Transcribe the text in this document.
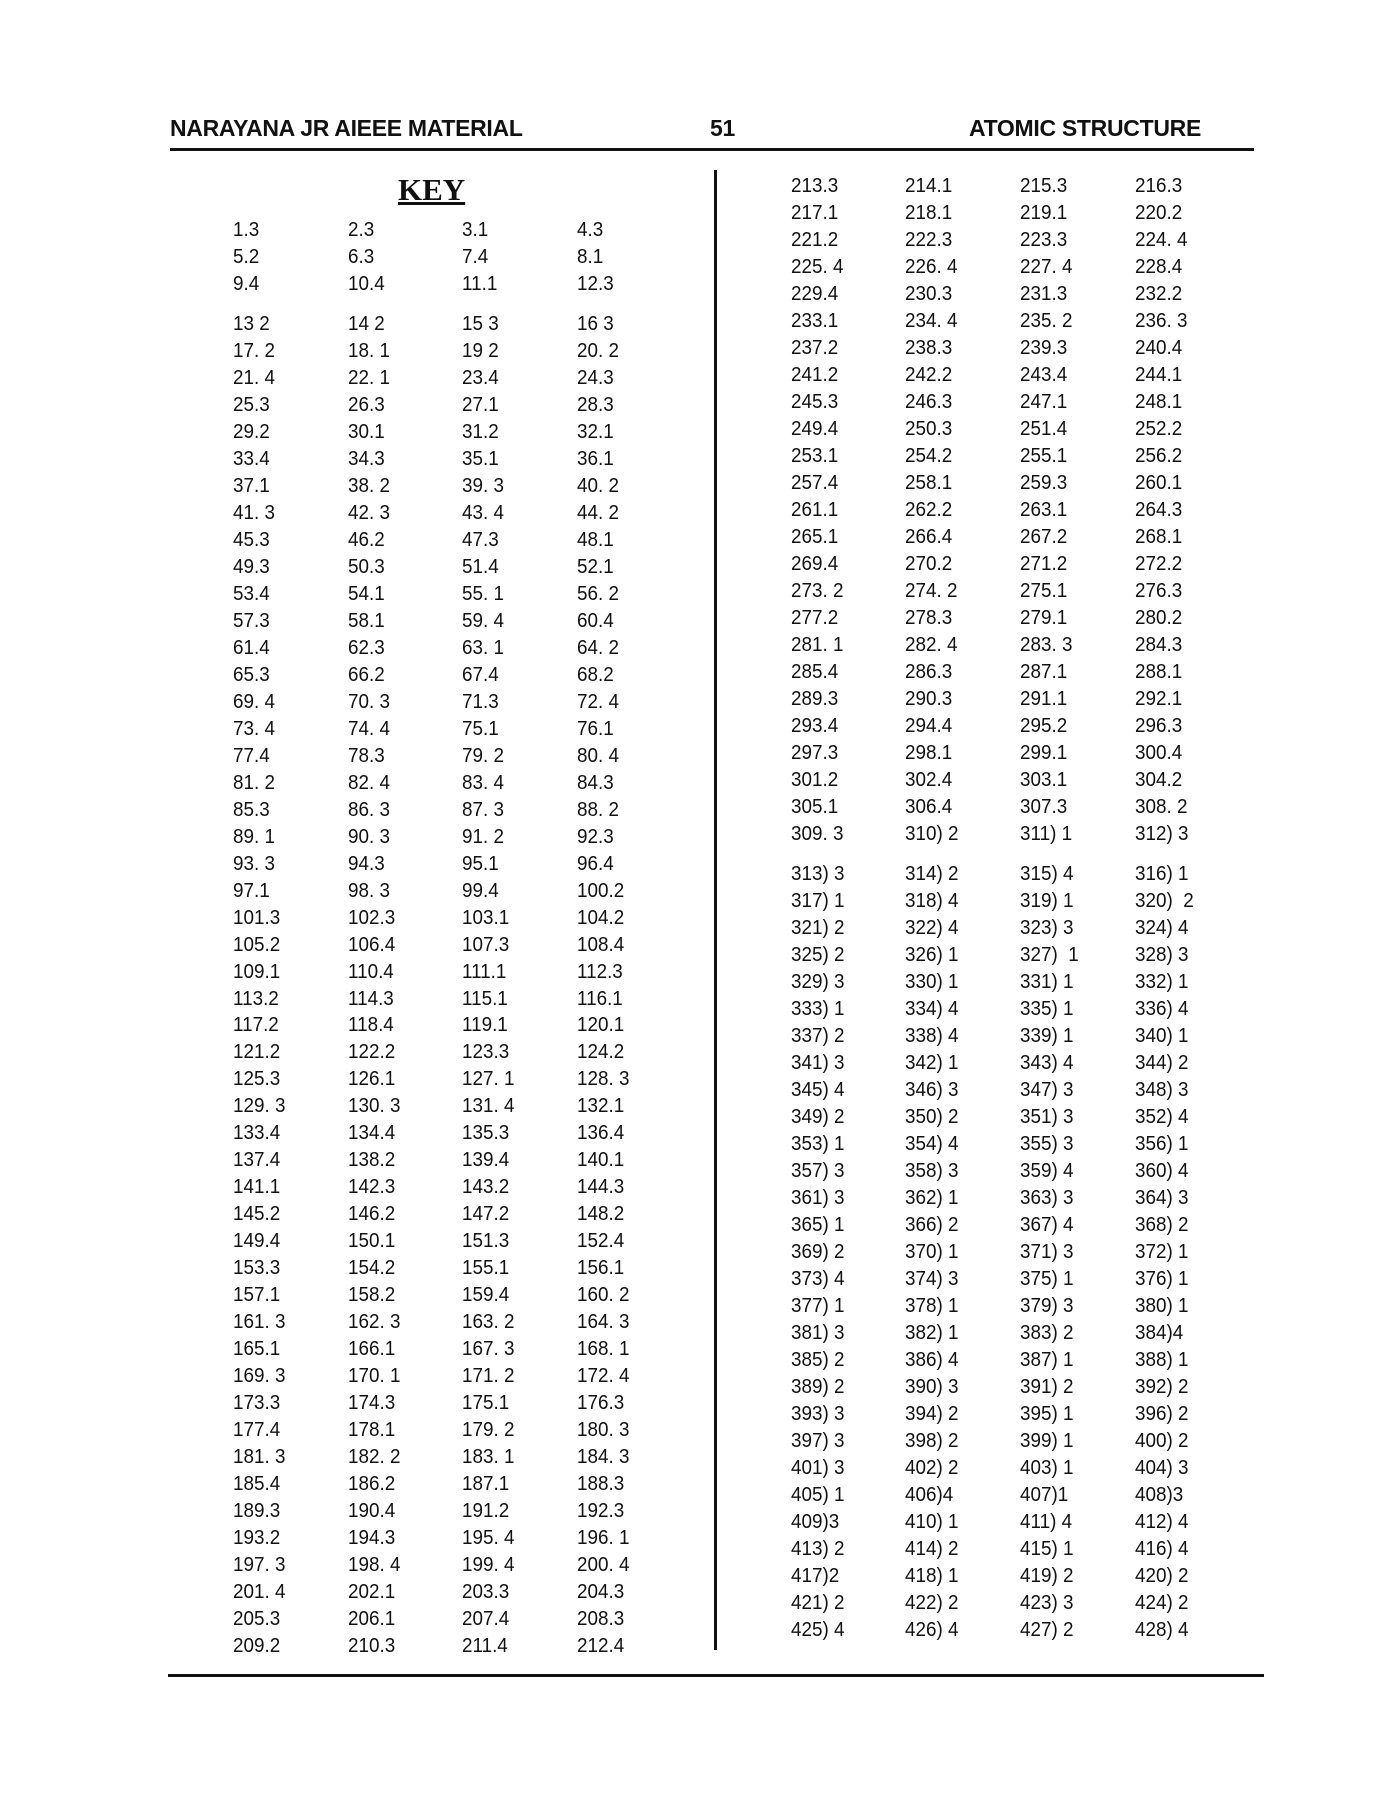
NARAYANA JR AIEEE MATERIAL	51	ATOMIC STRUCTURE
KEY
1.3	2.3	3.1	4.3
5.2	6.3	7.4	8.1
9.4	10.4	11.1	12.3
13 2	14 2	15 3	16 3
17. 2	18. 1	19 2	20. 2
21. 4	22. 1	23.4	24.3
25.3	26.3	27.1	28.3
29.2	30.1	31.2	32.1
33.4	34.3	35.1	36.1
37.1	38. 2	39. 3	40. 2
41. 3	42. 3	43. 4	44. 2
45.3	46.2	47.3	48.1
49.3	50.3	51.4	52.1
53.4	54.1	55. 1	56. 2
57.3	58.1	59. 4	60.4
61.4	62.3	63. 1	64. 2
65.3	66.2	67.4	68.2
69. 4	70. 3	71.3	72. 4
73. 4	74. 4	75.1	76.1
77.4	78.3	79. 2	80. 4
81. 2	82. 4	83. 4	84.3
85.3	86. 3	87. 3	88. 2
89. 1	90. 3	91. 2	92.3
93. 3	94.3	95.1	96.4
97.1	98. 3	99.4	100.2
101.3	102.3	103.1	104.2
105.2	106.4	107.3	108.4
109.1	110.4	111.1	112.3
113.2	114.3	115.1	116.1
117.2	118.4	119.1	120.1
121.2	122.2	123.3	124.2
125.3	126.1	127. 1	128. 3
129. 3	130. 3	131. 4	132.1
133.4	134.4	135.3	136.4
137.4	138.2	139.4	140.1
141.1	142.3	143.2	144.3
145.2	146.2	147.2	148.2
149.4	150.1	151.3	152.4
153.3	154.2	155.1	156.1
157.1	158.2	159.4	160. 2
161. 3	162. 3	163. 2	164. 3
165.1	166.1	167. 3	168. 1
169. 3	170. 1	171. 2	172. 4
173.3	174.3	175.1	176.3
177.4	178.1	179. 2	180. 3
181. 3	182. 2	183. 1	184. 3
185.4	186.2	187.1	188.3
189.3	190.4	191.2	192.3
193.2	194.3	195. 4	196. 1
197. 3	198. 4	199. 4	200. 4
201. 4	202.1	203.3	204.3
205.3	206.1	207.4	208.3
209.2	210.3	211.4	212.4
213.3	214.1	215.3	216.3
217.1	218.1	219.1	220.2
221.2	222.3	223.3	224. 4
225. 4	226. 4	227. 4	228.4
229.4	230.3	231.3	232.2
233.1	234. 4	235. 2	236. 3
237.2	238.3	239.3	240.4
241.2	242.2	243.4	244.1
245.3	246.3	247.1	248.1
249.4	250.3	251.4	252.2
253.1	254.2	255.1	256.2
257.4	258.1	259.3	260.1
261.1	262.2	263.1	264.3
265.1	266.4	267.2	268.1
269.4	270.2	271.2	272.2
273. 2	274. 2	275.1	276.3
277.2	278.3	279.1	280.2
281. 1	282. 4	283. 3	284.3
285.4	286.3	287.1	288.1
289.3	290.3	291.1	292.1
293.4	294.4	295.2	296.3
297.3	298.1	299.1	300.4
301.2	302.4	303.1	304.2
305.1	306.4	307.3	308. 2
309. 3	310) 2	311) 1	312) 3
313) 3	314) 2	315) 4	316) 1
317) 1	318) 4	319) 1	320)  2
321) 2	322) 4	323) 3	324) 4
325) 2	326) 1	327)  1	328) 3
329) 3	330) 1	331) 1	332) 1
333) 1	334) 4	335) 1	336) 4
337) 2	338) 4	339) 1	340) 1
341) 3	342) 1	343) 4	344) 2
345) 4	346) 3	347) 3	348) 3
349) 2	350) 2	351) 3	352) 4
353) 1	354) 4	355) 3	356) 1
357) 3	358) 3	359) 4	360) 4
361) 3	362) 1	363) 3	364) 3
365) 1	366) 2	367) 4	368) 2
369) 2	370) 1	371) 3	372) 1
373) 4	374) 3	375) 1	376) 1
377) 1	378) 1	379) 3	380) 1
381) 3	382) 1	383) 2	384)4
385) 2	386) 4	387) 1	388) 1
389) 2	390) 3	391) 2	392) 2
393) 3	394) 2	395) 1	396) 2
397) 3	398) 2	399) 1	400) 2
401) 3	402) 2	403) 1	404) 3
405) 1	406)4	407)1	408)3
409)3	410) 1	411) 4	412) 4
413) 2	414) 2	415) 1	416) 4
417)2	418) 1	419) 2	420) 2
421) 2	422) 2	423) 3	424) 2
425) 4	426) 4	427) 2	428) 4
